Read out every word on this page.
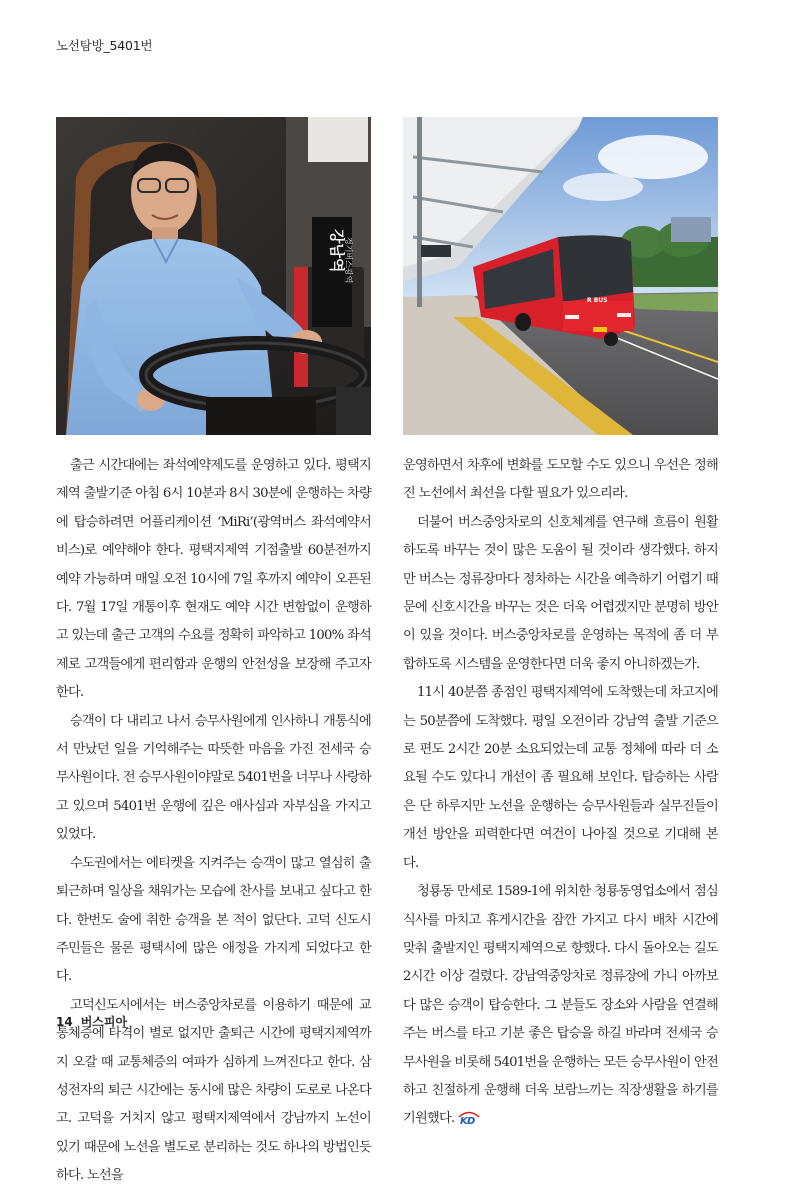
노선탐방_5401번
강남역
경기버스광역
R BUS

출근 시간대에는 좌석예약제도를 운영하고 있다. 평택지제역 출발기준 아침 6시 10분과 8시 30분에 운행하는 차량에 탑승하려면 어플리케이션 ‘MiRi’(광역버스 좌석예약서비스)로 예약해야 한다. 평택지제역 기점출발 60분전까지 예약 가능하며 매일 오전 10시에 7일 후까지 예약이 오픈된다. 7월 17일 개통이후 현재도 예약 시간 변함없이 운행하고 있는데 출근 고객의 수요를 정확히 파악하고 100% 좌석제로 고객들에게 편리함과 운행의 안전성을 보장해 주고자 한다.

승객이 다 내리고 나서 승무사원에게 인사하니 개통식에서 만났던 일을 기억해주는 따뜻한 마음을 가진 전세국 승무사원이다. 전 승무사원이야말로 5401번을 너무나 사랑하고 있으며 5401번 운행에 깊은 애사심과 자부심을 가지고 있었다.

수도권에서는 에티켓을 지켜주는 승객이 많고 열심히 출퇴근하며 일상을 채워가는 모습에 찬사를 보내고 싶다고 한다. 한번도 술에 취한 승객을 본 적이 없단다. 고덕 신도시 주민들은 물론 평택시에 많은 애정을 가지게 되었다고 한다.

고덕신도시에서는 버스중앙차로를 이용하기 때문에 교통체증에 타격이 별로 없지만 출퇴근 시간에 평택지제역까지 오갈 때 교통체증의 여파가 심하게 느껴진다고 한다. 삼성전자의 퇴근 시간에는 동시에 많은 차량이 도로로 나온다고. 고덕을 거치지 않고 평택지제역에서 강남까지 노선이 있기 때문에 노선을 별도로 분리하는 것도 하나의 방법인듯 하다. 노선을

운영하면서 차후에 변화를 도모할 수도 있으니 우선은 정해진 노선에서 최선을 다할 필요가 있으리라.

더불어 버스중앙차로의 신호체계를 연구해 흐름이 원활하도록 바꾸는 것이 많은 도움이 될 것이라 생각했다. 하지만 버스는 정류장마다 정차하는 시간을 예측하기 어렵기 때문에 신호시간을 바꾸는 것은 더욱 어렵겠지만 분명히 방안이 있을 것이다. 버스중앙차로를 운영하는 목적에 좀 더 부합하도록 시스템을 운영한다면 더욱 좋지 아니하겠는가.

11시 40분쯤 종점인 평택지제역에 도착했는데 차고지에는 50분쯤에 도착했다. 평일 오전이라 강남역 출발 기준으로 편도 2시간 20분 소요되었는데 교통 정체에 따라 더 소요될 수도 있다니 개선이 좀 필요해 보인다. 탑승하는 사람은 단 하루지만 노선을 운행하는 승무사원들과 실무진들이 개선 방안을 피력한다면 여건이 나아질 것으로 기대해 본다.

청룡동 만세로 1589-1에 위치한 청룡동영업소에서 점심식사를 마치고 휴게시간을 잠깐 가지고 다시 배차 시간에 맞춰 출발지인 평택지제역으로 향했다. 다시 돌아오는 길도 2시간 이상 걸렸다. 강남역중앙차로 정류장에 가니 아까보다 많은 승객이 탑승한다. 그 분들도 장소와 사람을 연결해주는 버스를 타고 기분 좋은 탑승을 하길 바라며 전세국 승무사원을 비롯해 5401번을 운행하는 모든 승무사원이 안전하고 친절하게 운행해 더욱 보람느끼는 직장생활을 하기를 기원했다. KD

14 버스피아
